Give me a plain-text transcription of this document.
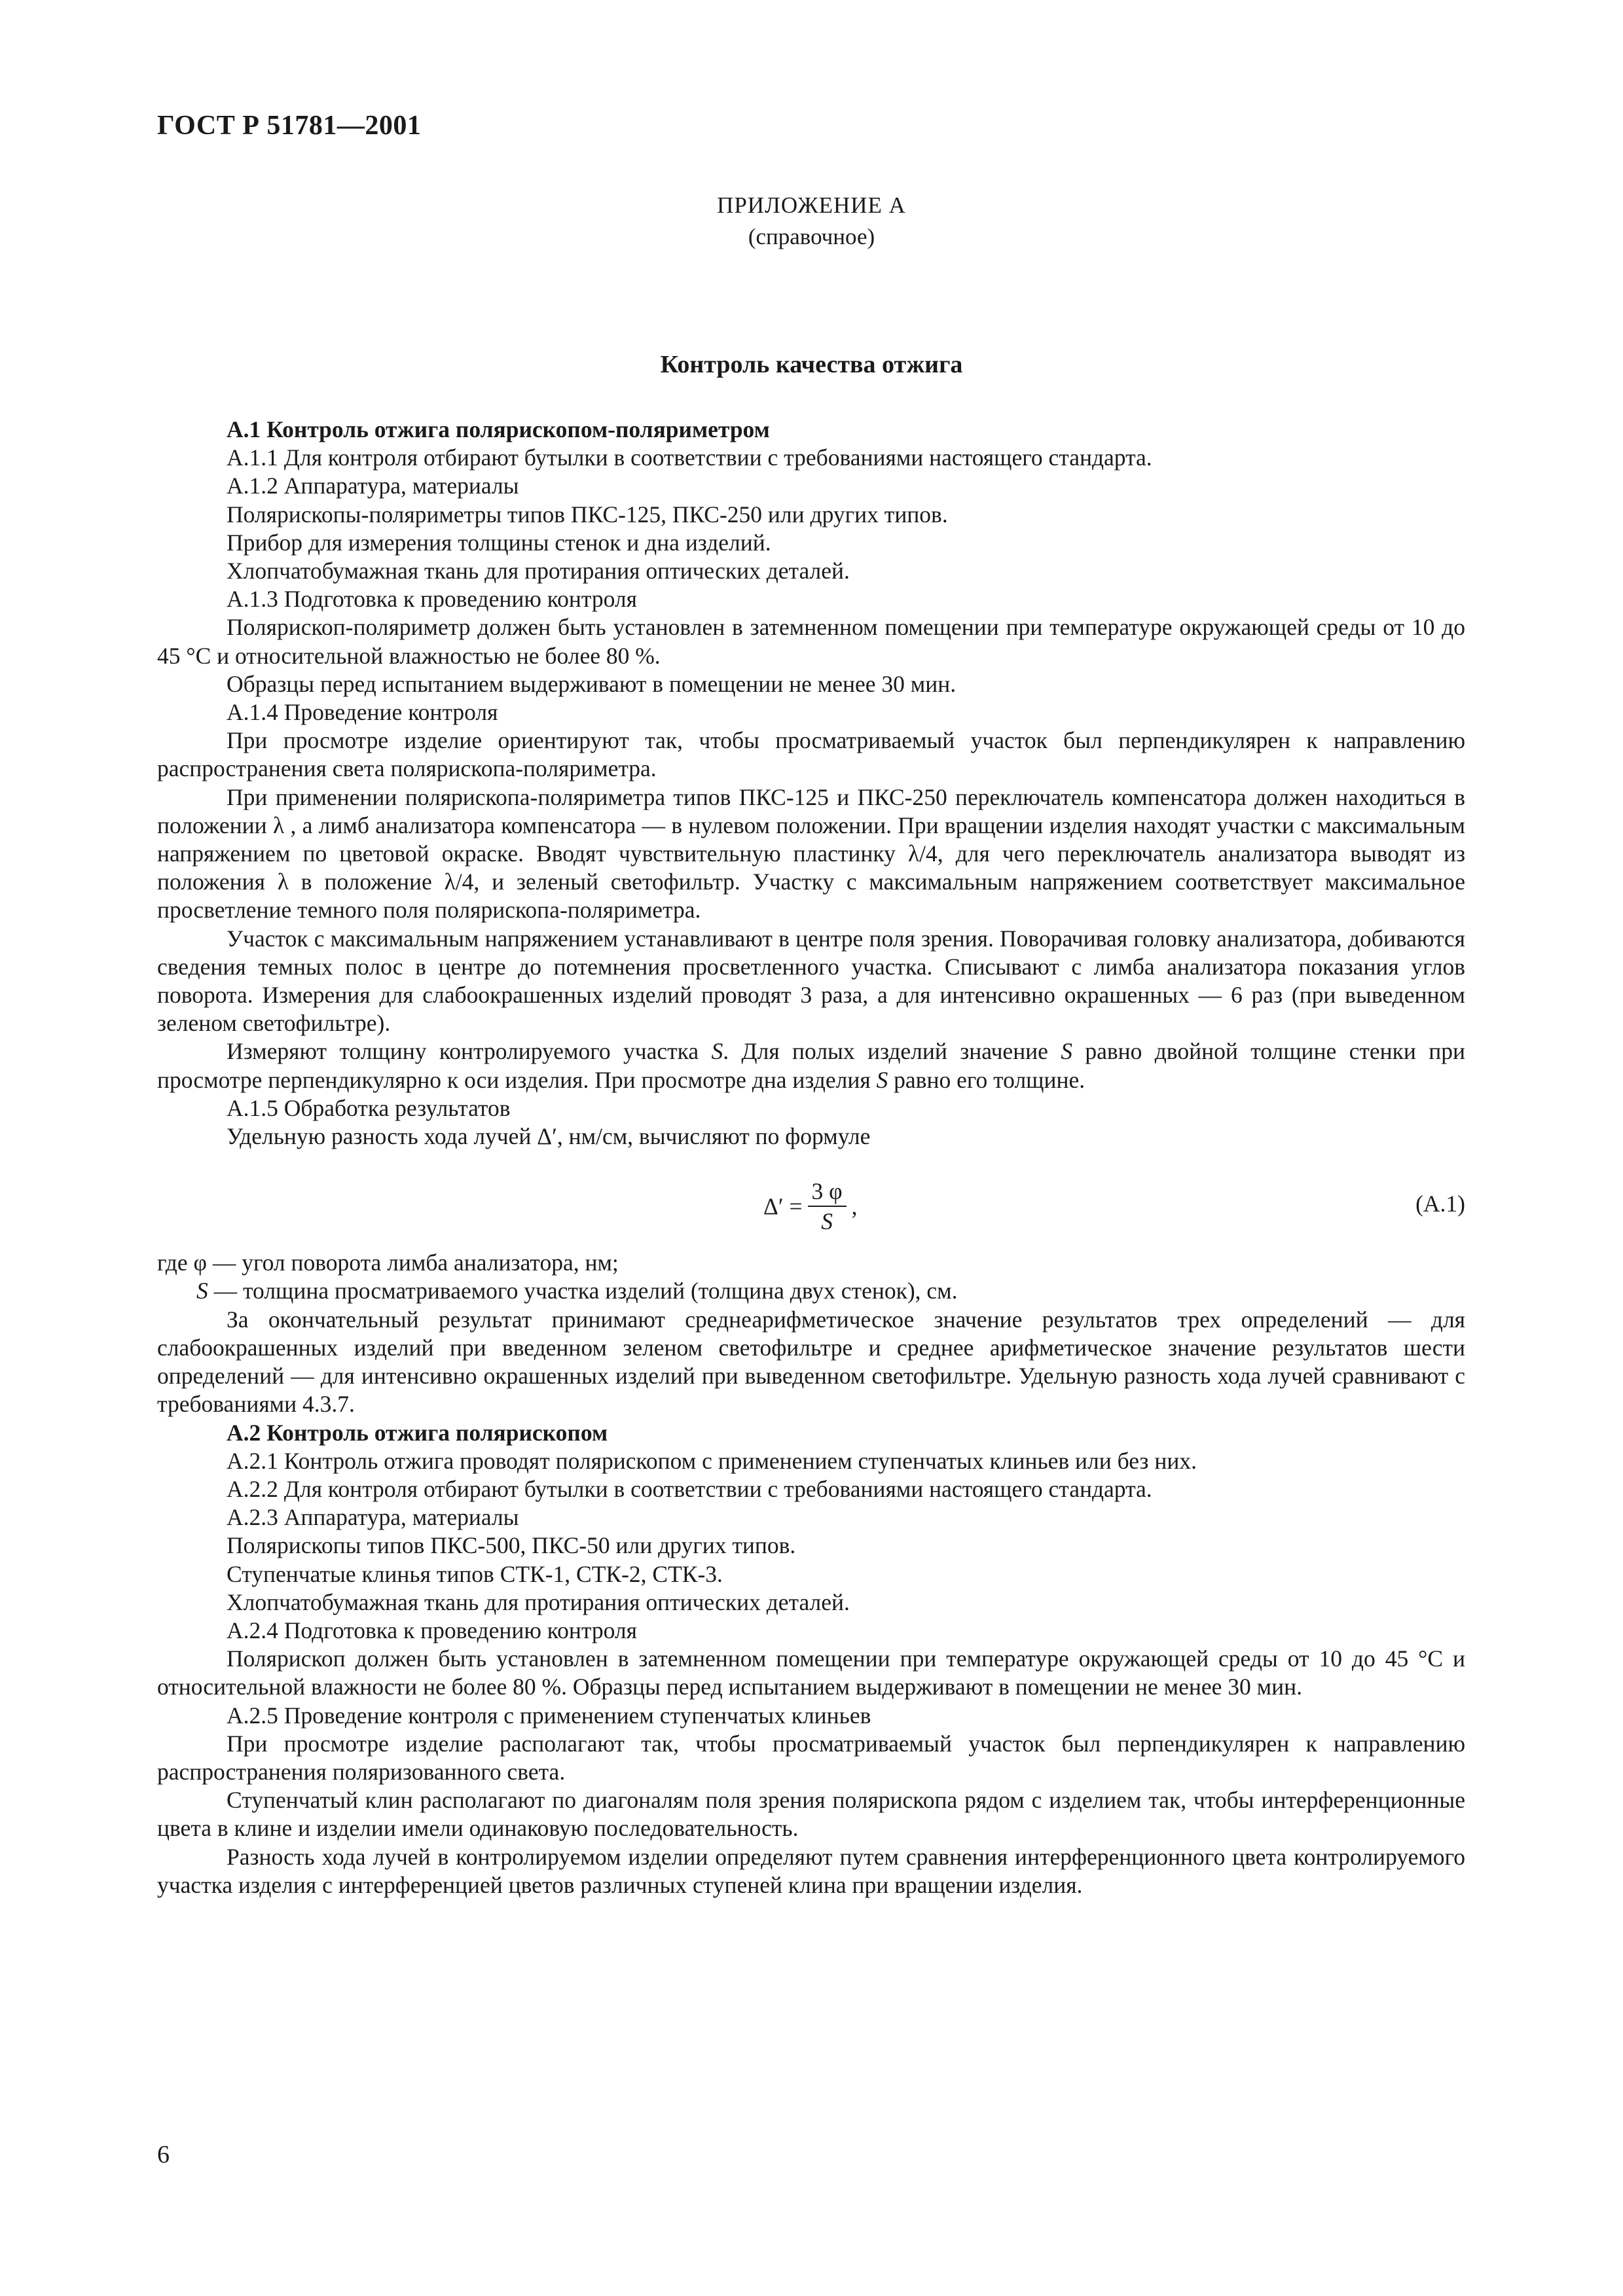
ГОСТ Р 51781—2001
ПРИЛОЖЕНИЕ А
(справочное)
Контроль качества отжига

А.1 Контроль отжига полярископом-поляриметром

А.1.1 Для контроля отбирают бутылки в соответствии с требованиями настоящего стандарта.

А.1.2 Аппаратура, материалы

Полярископы-поляриметры типов ПКС-125, ПКС-250 или других типов.

Прибор для измерения толщины стенок и дна изделий.

Хлопчатобумажная ткань для протирания оптических деталей.

А.1.3 Подготовка к проведению контроля

Полярископ-поляриметр должен быть установлен в затемненном помещении при температуре окружающей среды от 10 до 45 °С и относительной влажностью не более 80 %.

Образцы перед испытанием выдерживают в помещении не менее 30 мин.

А.1.4 Проведение контроля

При просмотре изделие ориентируют так, чтобы просматриваемый участок был перпендикулярен к направлению распространения света полярископа-поляриметра.

При применении полярископа-поляриметра типов ПКС-125 и ПКС-250 переключатель компенсатора должен находиться в положении λ , а лимб анализатора компенсатора — в нулевом положении. При вращении изделия находят участки с максимальным напряжением по цветовой окраске. Вводят чувствительную пластинку λ/4, для чего переключатель анализатора выводят из положения λ в положение λ/4, и зеленый светофильтр. Участку с максимальным напряжением соответствует максимальное просветление темного поля полярископа-поляриметра.

Участок с максимальным напряжением устанавливают в центре поля зрения. Поворачивая головку анализатора, добиваются сведения темных полос в центре до потемнения просветленного участка. Списывают с лимба анализатора показания углов поворота. Измерения для слабоокрашенных изделий проводят 3 раза, а для интенсивно окрашенных — 6 раз (при выведенном зеленом светофильтре).

Измеряют толщину контролируемого участка S. Для полых изделий значение S равно двойной толщине стенки при просмотре перпендикулярно к оси изделия. При просмотре дна изделия S равно его толщине.

А.1.5 Обработка результатов

Удельную разность хода лучей Δ′, нм/см, вычисляют по формуле

$\Delta' = \frac{3 \varphi}{S}$ ,	(А.1)

где φ — угол поворота лимба анализатора, нм;

S — толщина просматриваемого участка изделий (толщина двух стенок), см.

За окончательный результат принимают среднеарифметическое значение результатов трех определений — для слабоокрашенных изделий при введенном зеленом светофильтре и среднее арифметическое значение результатов шести определений — для интенсивно окрашенных изделий при выведенном светофильтре. Удельную разность хода лучей сравнивают с требованиями 4.3.7.

А.2 Контроль отжига полярископом

А.2.1 Контроль отжига проводят полярископом с применением ступенчатых клиньев или без них.

А.2.2 Для контроля отбирают бутылки в соответствии с требованиями настоящего стандарта.

А.2.3 Аппаратура, материалы

Полярископы типов ПКС-500, ПКС-50 или других типов.

Ступенчатые клинья типов СТК-1, СТК-2, СТК-3.

Хлопчатобумажная ткань для протирания оптических деталей.

А.2.4 Подготовка к проведению контроля

Полярископ должен быть установлен в затемненном помещении при температуре окружающей среды от 10 до 45 °С и относительной влажности не более 80 %. Образцы перед испытанием выдерживают в помещении не менее 30 мин.

А.2.5 Проведение контроля с применением ступенчатых клиньев

При просмотре изделие располагают так, чтобы просматриваемый участок был перпендикулярен к направлению распространения поляризованного света.

Ступенчатый клин располагают по диагоналям поля зрения полярископа рядом с изделием так, чтобы интерференционные цвета в клине и изделии имели одинаковую последовательность.

Разность хода лучей в контролируемом изделии определяют путем сравнения интерференционного цвета контролируемого участка изделия с интерференцией цветов различных ступеней клина при вращении изделия.

6
